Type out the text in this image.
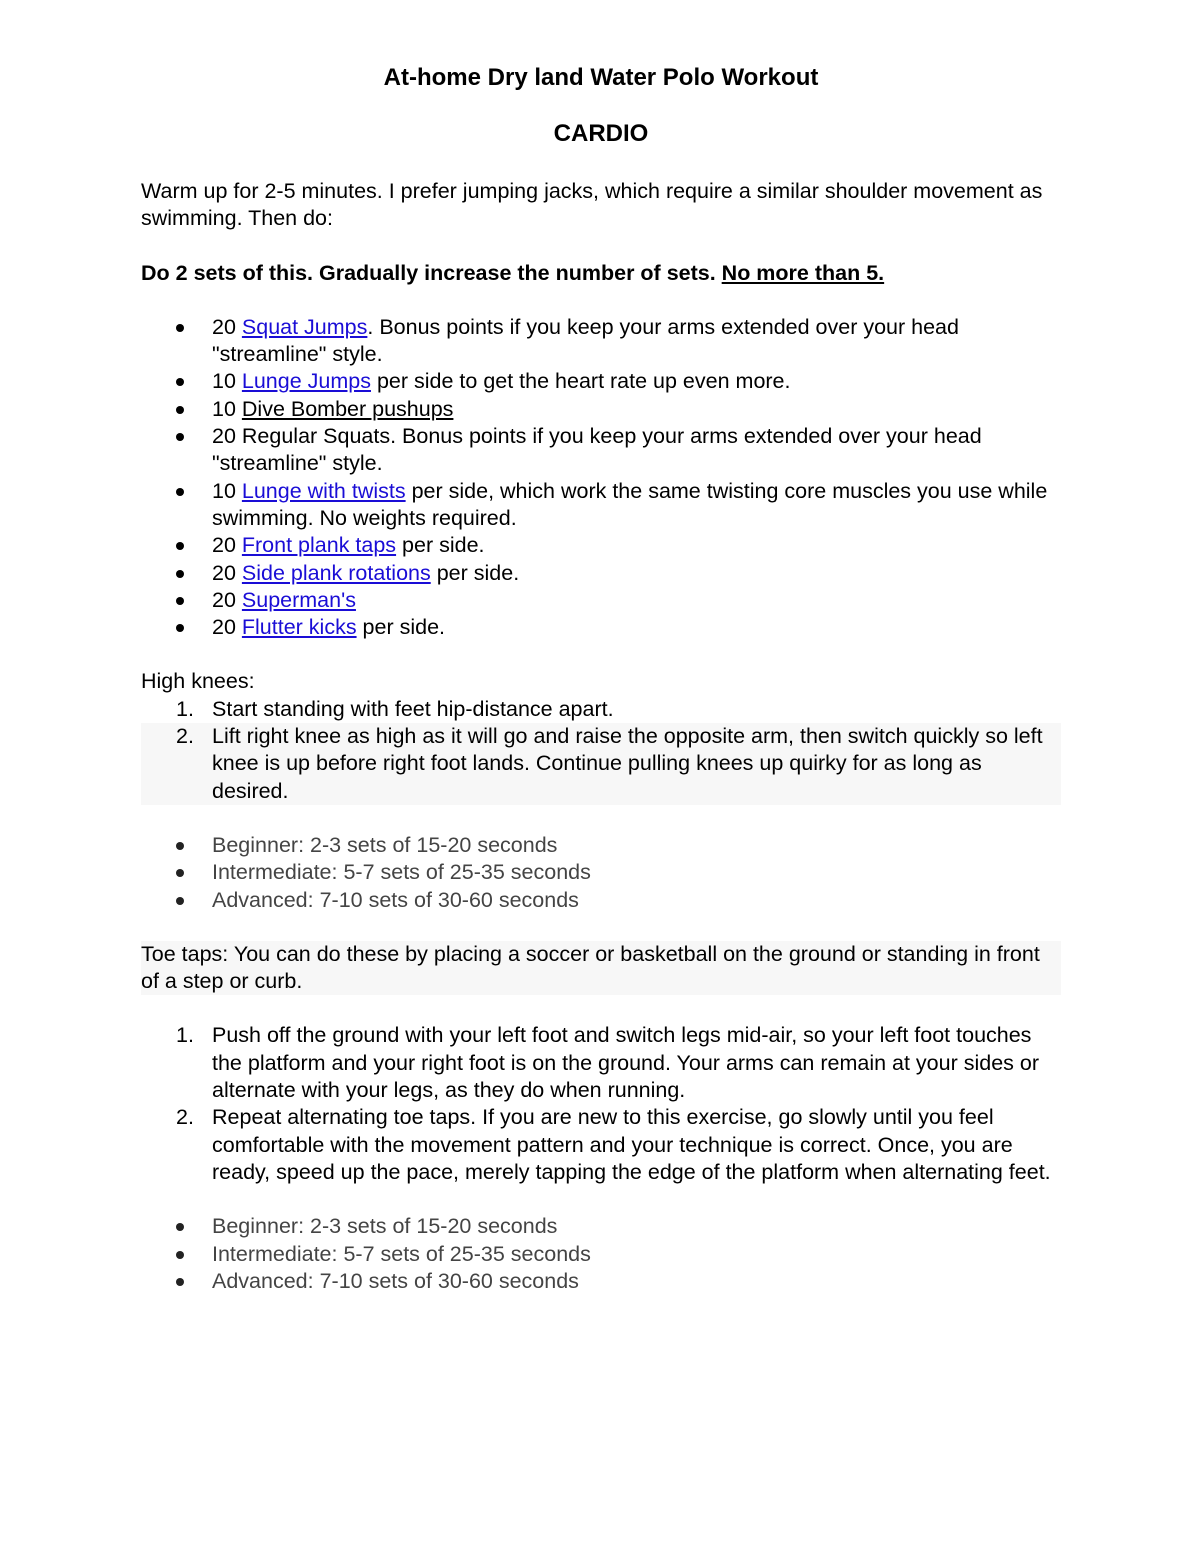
At-home Dry land Water Polo Workout
CARDIO

Warm up for 2-5 minutes. I prefer jumping jacks, which require a similar shoulder movement as swimming. Then do:

Do 2 sets of this. Gradually increase the number of sets. No more than 5.

20 Squat Jumps. Bonus points if you keep your arms extended over your head "streamline" style.
10 Lunge Jumps per side to get the heart rate up even more.
10 Dive Bomber pushups
20 Regular Squats. Bonus points if you keep your arms extended over your head "streamline" style.
10 Lunge with twists per side, which work the same twisting core muscles you use while swimming. No weights required.
20 Front plank taps per side.
20 Side plank rotations per side.
20 Superman's
20 Flutter kicks per side.

High knees:

1. Start standing with feet hip-distance apart.
2. Lift right knee as high as it will go and raise the opposite arm, then switch quickly so left knee is up before right foot lands. Continue pulling knees up quirky for as long as desired.
Beginner: 2-3 sets of 15-20 seconds
Intermediate: 5-7 sets of 25-35 seconds
Advanced: 7-10 sets of 30-60 seconds

Toe taps: You can do these by placing a soccer or basketball on the ground or standing in front of a step or curb.

1. Push off the ground with your left foot and switch legs mid-air, so your left foot touches the platform and your right foot is on the ground. Your arms can remain at your sides or alternate with your legs, as they do when running.
2. Repeat alternating toe taps. If you are new to this exercise, go slowly until you feel comfortable with the movement pattern and your technique is correct. Once, you are ready, speed up the pace, merely tapping the edge of the platform when alternating feet.
Beginner: 2-3 sets of 15-20 seconds
Intermediate: 5-7 sets of 25-35 seconds
Advanced: 7-10 sets of 30-60 seconds
